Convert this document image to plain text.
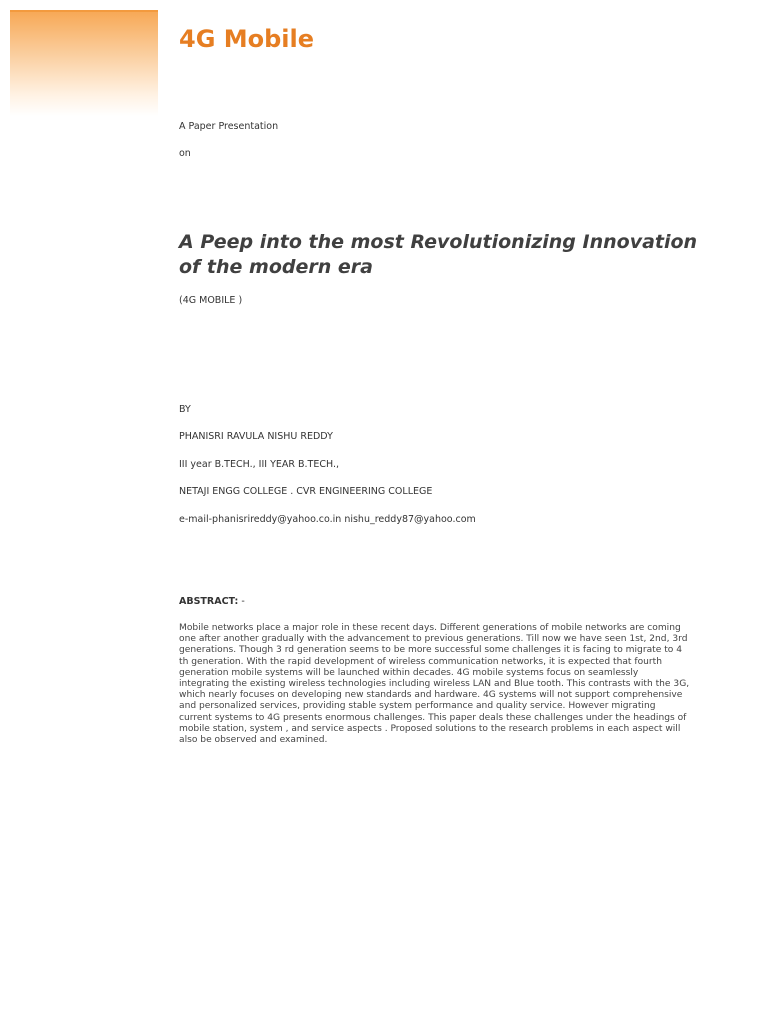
4G Mobile

A Paper Presentation

on

A Peep into the most Revolutionizing Innovation of the modern era

(4G MOBILE )

BY

PHANISRI RAVULA NISHU REDDY

III year B.TECH., III YEAR B.TECH.,

NETAJI ENGG COLLEGE . CVR ENGINEERING COLLEGE

e-mail-phanisrireddy@yahoo.co.in nishu_reddy87@yahoo.com

ABSTRACT: -

Mobile networks place a major role in these recent days. Different generations of mobile networks are coming one after another gradually with the advancement to previous generations. Till now we have seen 1st, 2nd, 3rd generations. Though 3 rd generation seems to be more successful some challenges it is facing to migrate to 4 th generation. With the rapid development of wireless communication networks, it is expected that fourth generation mobile systems will be launched within decades. 4G mobile systems focus on seamlessly integrating the existing wireless technologies including wireless LAN and Blue tooth. This contrasts with the 3G, which nearly focuses on developing new standards and hardware. 4G systems will not support comprehensive and personalized services, providing stable system performance and quality service. However migrating current systems to 4G presents enormous challenges. This paper deals these challenges under the headings of mobile station, system , and service aspects . Proposed solutions to the research problems in each aspect will also be observed and examined.
